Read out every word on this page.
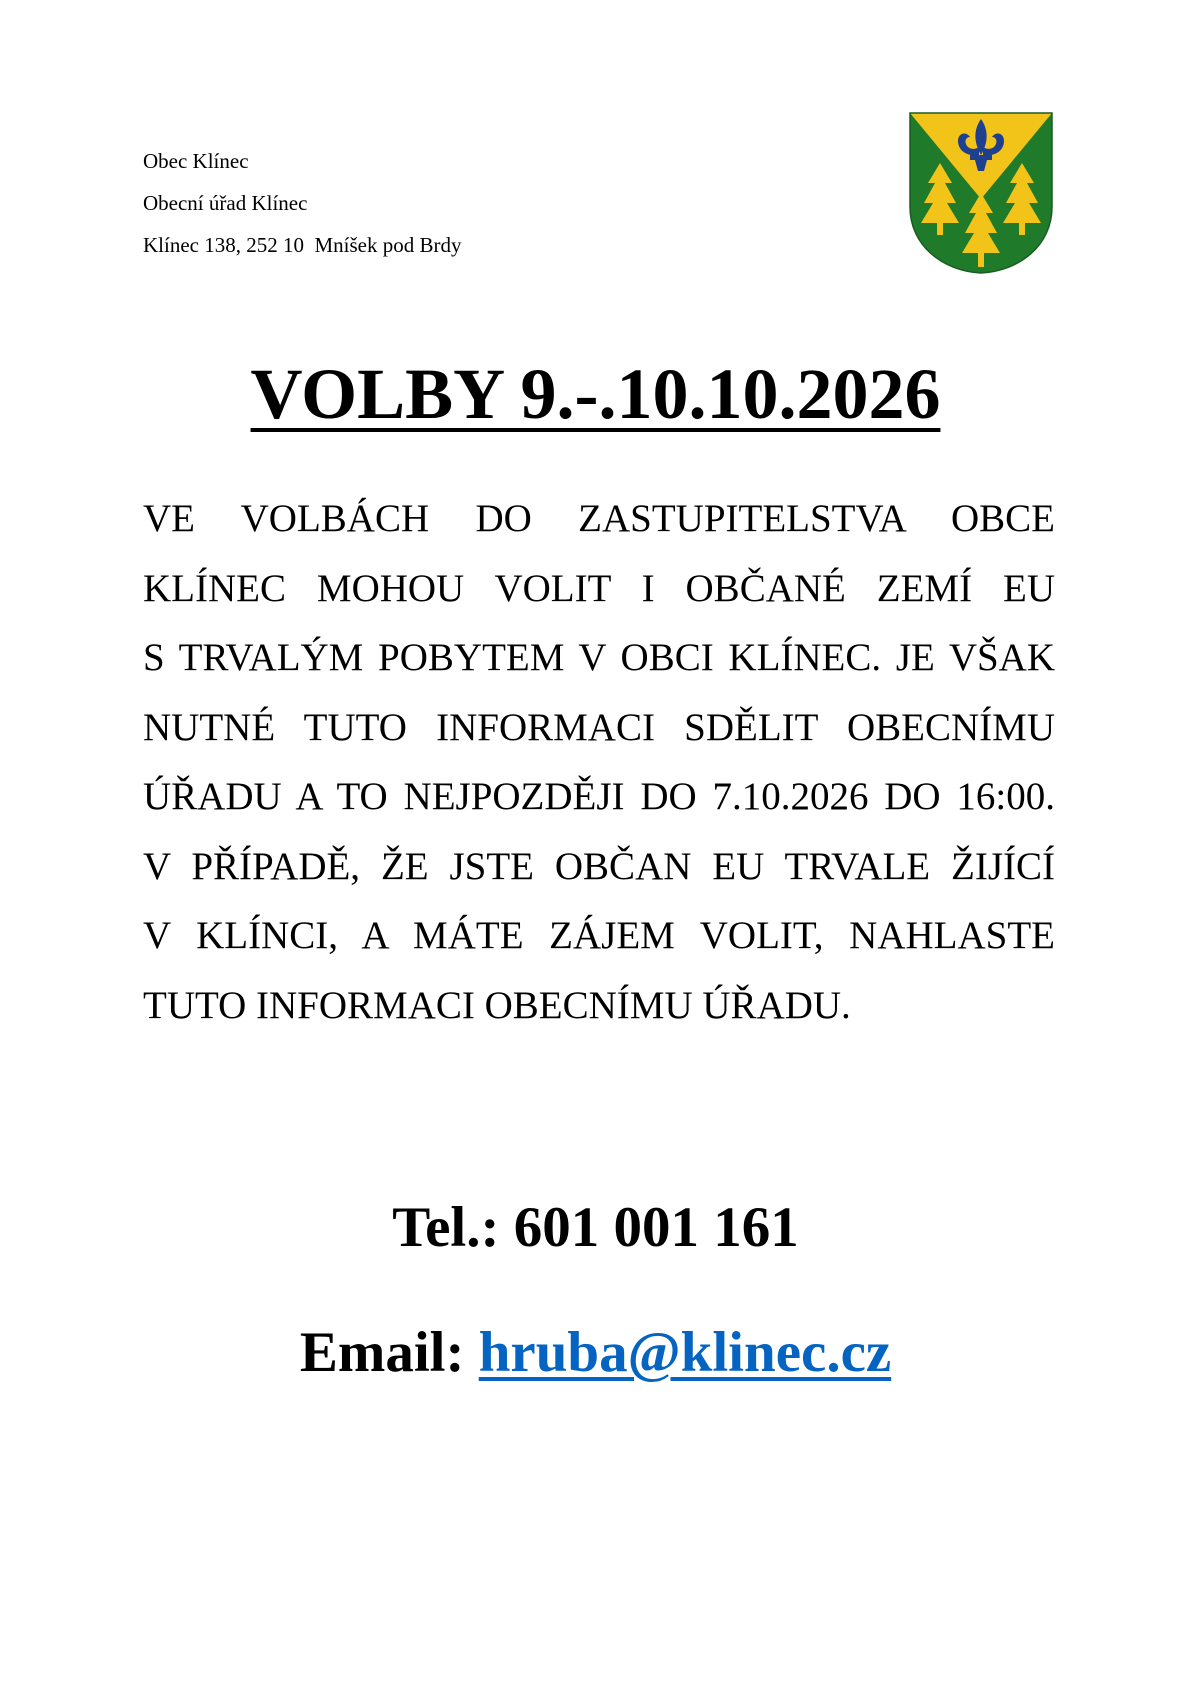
Obec Klínec
Obecní úřad Klínec
Klínec 138, 252 10  Mníšek pod Brdy
VOLBY 9.-.10.10.2026
VE VOLBÁCH DO ZASTUPITELSTVA OBCE
KLÍNEC MOHOU VOLIT I OBČANÉ ZEMÍ EU
S TRVALÝM POBYTEM V OBCI KLÍNEC. JE VŠAK
NUTNÉ TUTO INFORMACI SDĚLIT OBECNÍMU
ÚŘADU A TO NEJPOZDĚJI DO 7.10.2026 DO 16:00.
V PŘÍPADĚ, ŽE JSTE OBČAN EU TRVALE ŽIJÍCÍ
V KLÍNCI, A MÁTE ZÁJEM VOLIT, NAHLASTE
TUTO INFORMACI OBECNÍMU ÚŘADU.
Tel.: 601 001 161
Email: hruba@klinec.cz
